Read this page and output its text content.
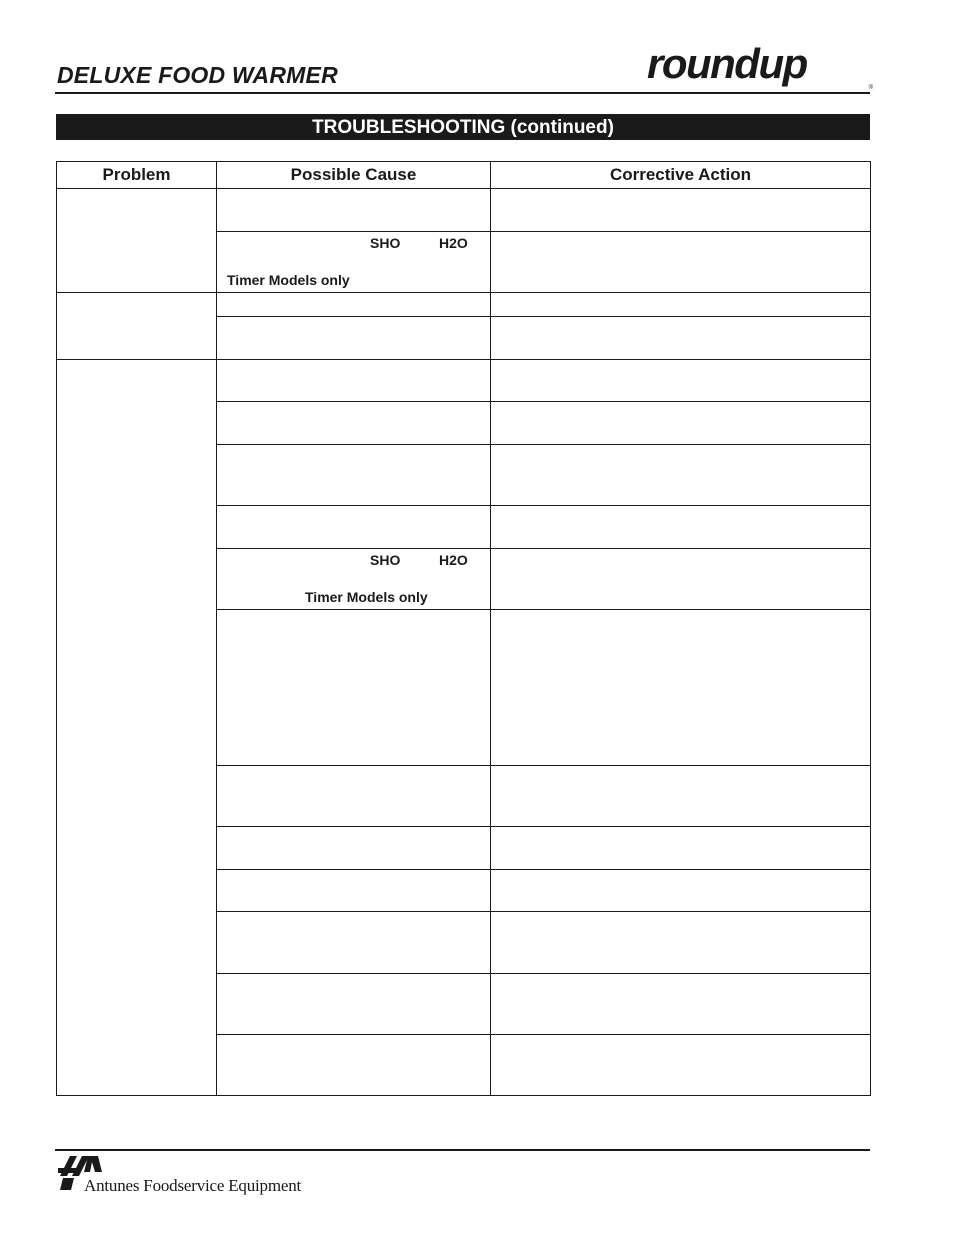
DELUXE FOOD WARMER	roundup
®
TROUBLESHOOTING (continued)
Problem	Possible Cause	Corrective Action

	SHO H2O
Timer Models only	

	SHO H2O
Timer Models only	

Antunes Foodservice Equipment
